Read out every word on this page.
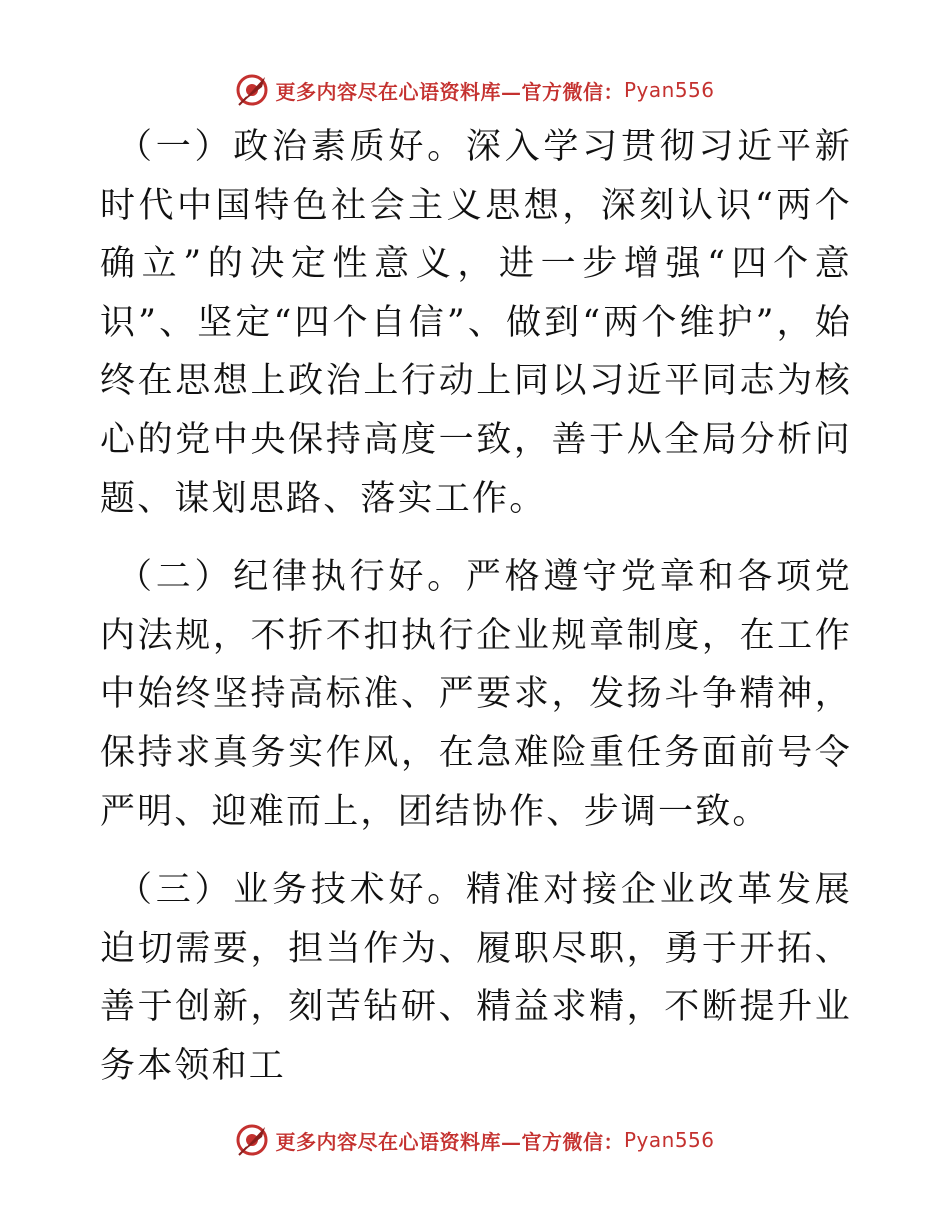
更多内容尽在心语资料库—官方微信： Pyan556

（一）政治素质好。深入学习贯彻习近平新时代中国特色社会主义思想，深刻认识“两个确立”的决定性意义，进一步增强“四个意识”、坚定“四个自信”、做到“两个维护”，始终在思想上政治上行动上同以习近平同志为核心的党中央保持高度一致，善于从全局分析问题、谋划思路、落实工作。

（二）纪律执行好。严格遵守党章和各项党内法规，不折不扣执行企业规章制度，在工作中始终坚持高标准、严要求，发扬斗争精神，保持求真务实作风，在急难险重任务面前号令严明、迎难而上，团结协作、步调一致。

（三）业务技术好。精准对接企业改革发展迫切需要，担当作为、履职尽职，勇于开拓、善于创新，刻苦钻研、精益求精，不断提升业务本领和工

更多内容尽在心语资料库—官方微信： Pyan556
